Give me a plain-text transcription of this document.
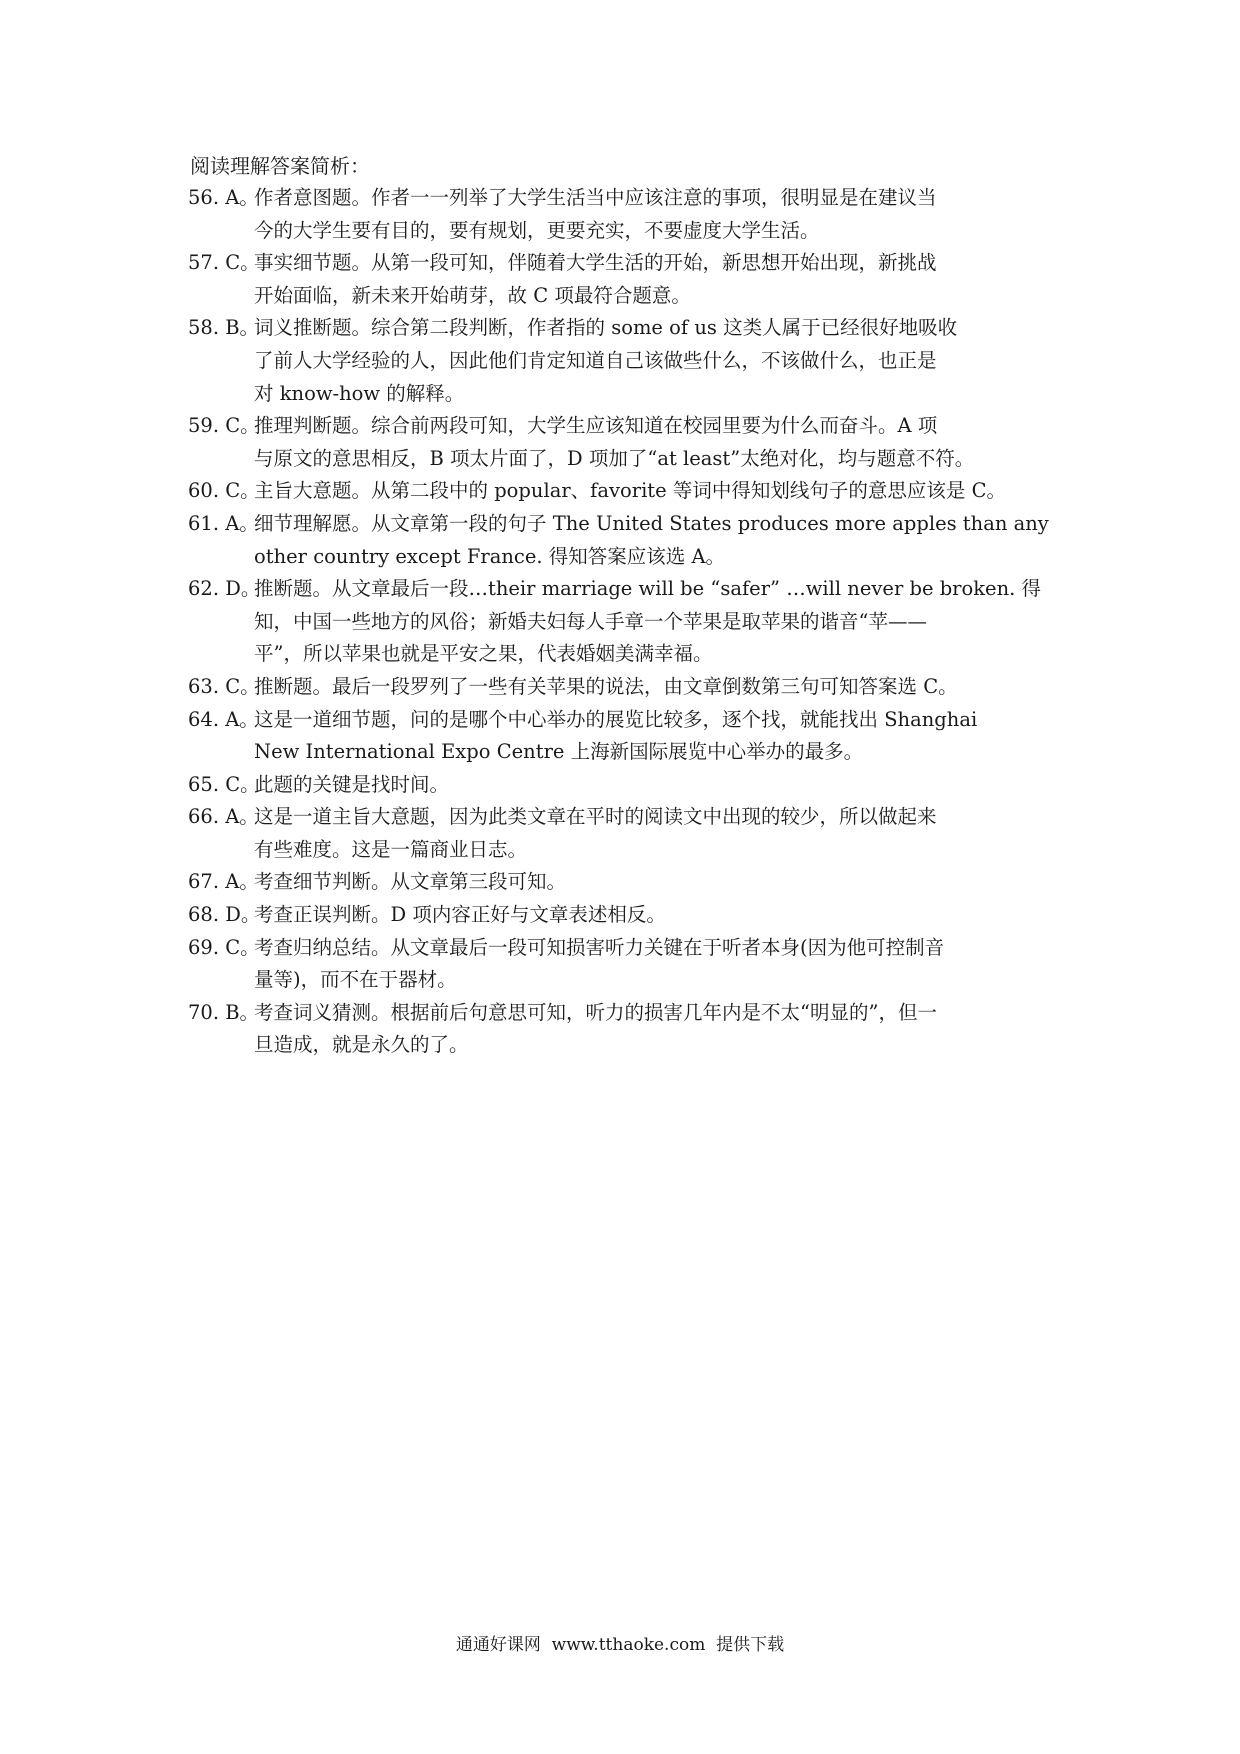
阅读理解答案简析：
56. A。
作者意图题。作者一一列举了大学生活当中应该注意的事项，很明显是在建议当
今的大学生要有目的，要有规划，更要充实，不要虚度大学生活。
57. C。
事实细节题。从第一段可知，伴随着大学生活的开始，新思想开始出现，新挑战
开始面临，新未来开始萌芽，故 C 项最符合题意。
58. B。
词义推断题。综合第二段判断，作者指的 some of us 这类人属于已经很好地吸收
了前人大学经验的人，因此他们肯定知道自己该做些什么，不该做什么，也正是
对 know-how 的解释。
59. C。
推理判断题。综合前两段可知，大学生应该知道在校园里要为什么而奋斗。A 项
与原文的意思相反，B 项太片面了，D 项加了“at least”太绝对化，均与题意不符。
60. C。
主旨大意题。从第二段中的 popular、favorite 等词中得知划线句子的意思应该是 C。
61. A。
细节理解愿。从文章第一段的句子 The United States produces more apples than any
other country except France. 得知答案应该选 A。
62. D。
推断题。从文章最后一段…their marriage will be “safer” …will never be broken. 得
知，中国一些地方的风俗；新婚夫妇每人手章一个苹果是取苹果的谐音“苹——
平”，所以苹果也就是平安之果，代表婚姻美满幸福。
63. C。
推断题。最后一段罗列了一些有关苹果的说法，由文章倒数第三句可知答案选 C。
64. A。
这是一道细节题，问的是哪个中心举办的展览比较多，逐个找，就能找出 Shanghai
New International Expo Centre 上海新国际展览中心举办的最多。
65. C。
此题的关键是找时间。
66. A。
这是一道主旨大意题，因为此类文章在平时的阅读文中出现的较少，所以做起来
有些难度。这是一篇商业日志。
67. A。
考查细节判断。从文章第三段可知。
68. D。
考查正误判断。D 项内容正好与文章表述相反。
69. C。
考查归纳总结。从文章最后一段可知损害听力关键在于听者本身(因为他可控制音
量等)，而不在于器材。
70. B。
考查词义猜测。根据前后句意思可知，听力的损害几年内是不太“明显的”，但一
旦造成，就是永久的了。
通通好课网  www.tthaoke.com  提供下载
